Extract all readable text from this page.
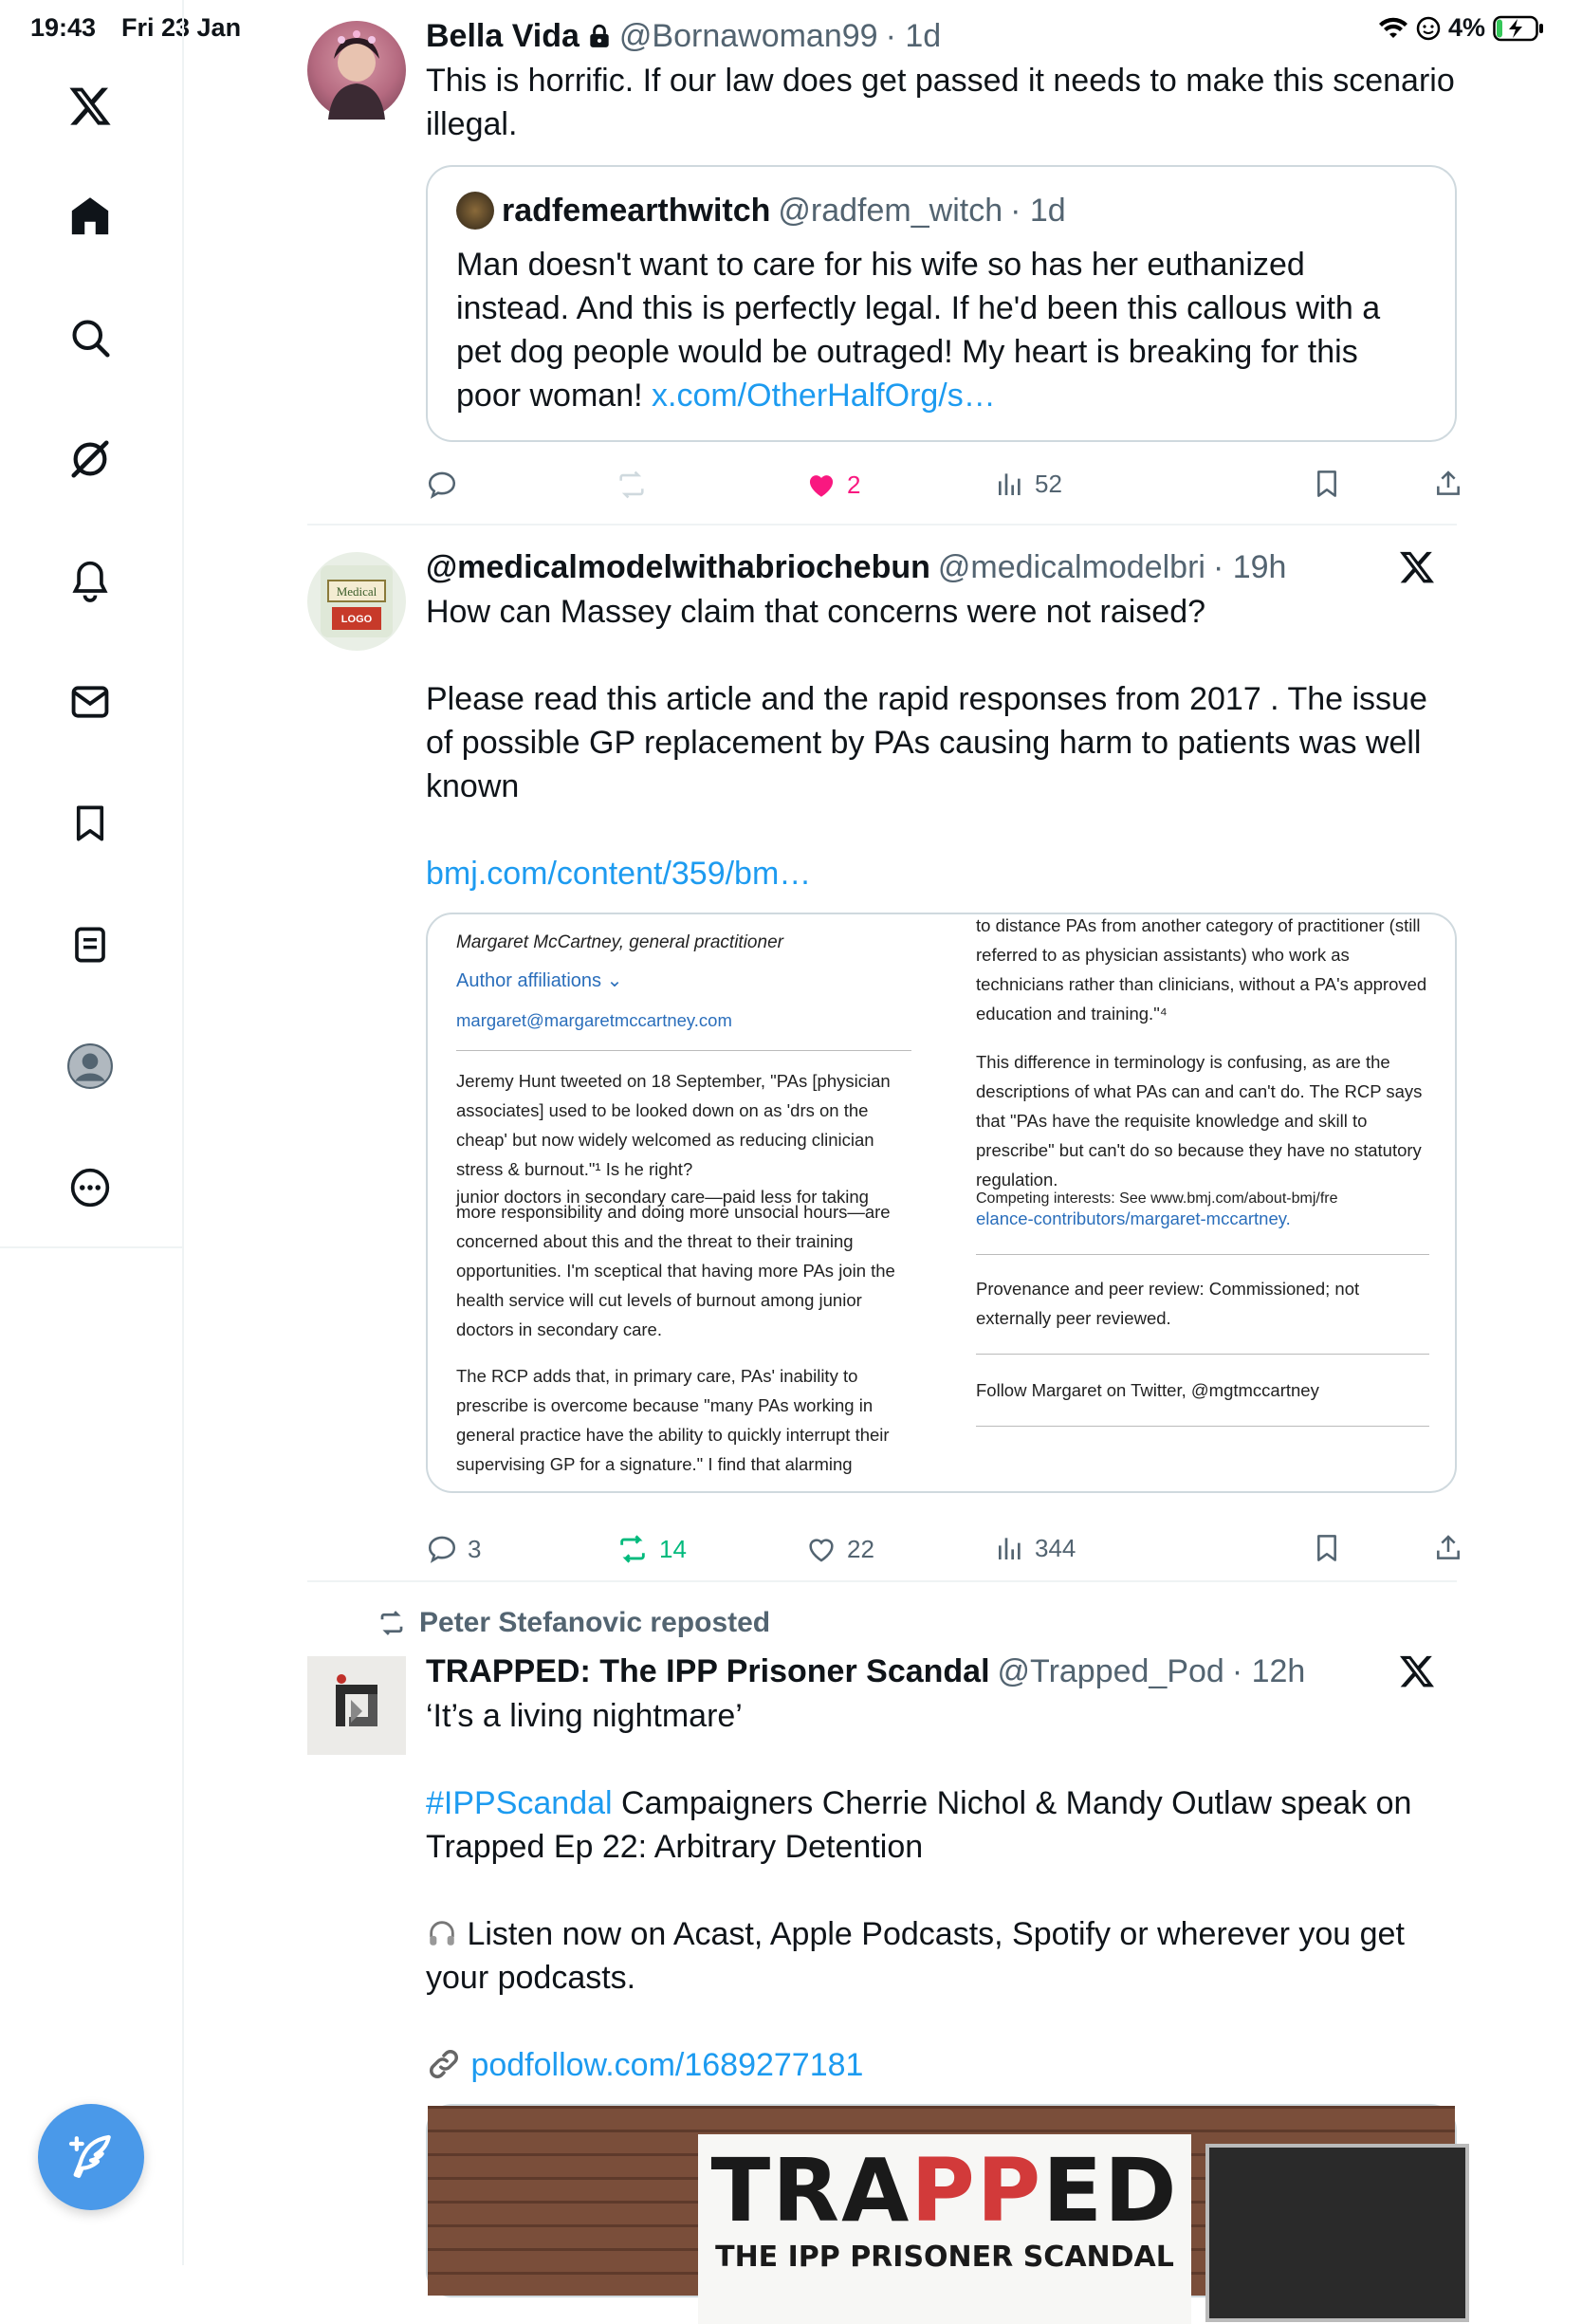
19:43 Fri 23 Jan	4%
Bella Vida @Bornawoman99 · 1d
This is horrific. If our law does get passed it needs to make this scenario illegal.
radfemearthwitch @radfem_witch · 1d
Man doesn't want to care for his wife so has her euthanized instead. And this is perfectly legal. If he'd been this callous with a pet dog people would be outraged! My heart is breaking for this poor woman! x.com/OtherHalfOrg/s…
2	52
Medical
LOGO
@medicalmodelwithabriochebun @medicalmodelbri · 19h

How can Massey claim that concerns were not raised?

Please read this article and the rapid responses from 2017 . The issue of possible GP replacement by PAs causing harm to patients was well known

bmj.com/content/359/bm…

Margaret McCartney, general practitioner
Author affiliations ⌄
margaret@margaretmccartney.com
Jeremy Hunt tweeted on 18 September, "PAs [physician associates] used to be looked down on as 'drs on the cheap' but now widely welcomed as reducing clinician stress & burnout."¹ Is he right?
junior doctors in secondary care—paid less for taking
more responsibility and doing more unsocial hours—are concerned about this and the threat to their training opportunities. I'm sceptical that having more PAs join the health service will cut levels of burnout among junior doctors in secondary care.
The RCP adds that, in primary care, PAs' inability to prescribe is overcome because "many PAs working in general practice have the ability to quickly interrupt their supervising GP for a signature." I find that alarming
to distance PAs from another category of practitioner (still referred to as physician assistants) who work as technicians rather than clinicians, without a PA's approved education and training."⁴
This difference in terminology is confusing, as are the descriptions of what PAs can and can't do. The RCP says that "PAs have the requisite knowledge and skill to prescribe" but can't do so because they have no statutory regulation.
Competing interests: See www.bmj.com/about-bmj/fre
elance-contributors/margaret-mccartney.
Provenance and peer review: Commissioned; not externally peer reviewed.
Follow Margaret on Twitter, @mgtmccartney
3	14	22	344
Peter Stefanovic reposted
TRAPPED: The IPP Prisoner Scandal @Trapped_Pod · 12h

‘It’s a living nightmare’

#IPPScandal Campaigners Cherrie Nichol & Mandy Outlaw speak on Trapped Ep 22: Arbitrary Detention

Listen now on Acast, Apple Podcasts, Spotify or wherever you get your podcasts.

podfollow.com/1689277181

TRAPPED
THE IPP PRISONER SCANDAL
